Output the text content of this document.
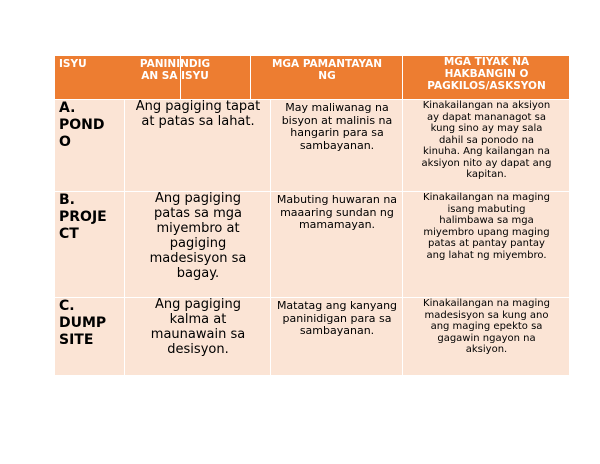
ISYU	PANININDIG
AN SA ISYU
MGA PAMANTAYAN
NG
MGA TIYAK NA
HAKBANGIN O
PAGKILOS/ASKSYON
A.
POND
O
Ang pagiging tapat
at patas sa lahat.
May maliwanag na
bisyon at malinis na
hangarin para sa
sambayanan.
Kinakailangan na aksiyon
ay dapat mananagot sa
kung sino ay may sala
dahil sa ponodo na
kinuha. Ang kailangan na
aksiyon nito ay dapat ang
kapitan.
B.
PROJE
CT
Ang pagiging
patas sa mga
miyembro at
pagiging
madesisyon sa
bagay.
Mabuting huwaran na
maaaring sundan ng
mamamayan.
Kinakailangan na maging
isang mabuting
halimbawa sa mga
miyembro upang maging
patas at pantay pantay
ang lahat ng miyembro.
C.
DUMP
SITE
Ang pagiging
kalma at
maunawain sa
desisyon.
Matatag ang kanyang
paninidigan para sa
sambayanan.
Kinakailangan na maging
madesisyon sa kung ano
ang maging epekto sa
gagawin ngayon na
aksiyon.
